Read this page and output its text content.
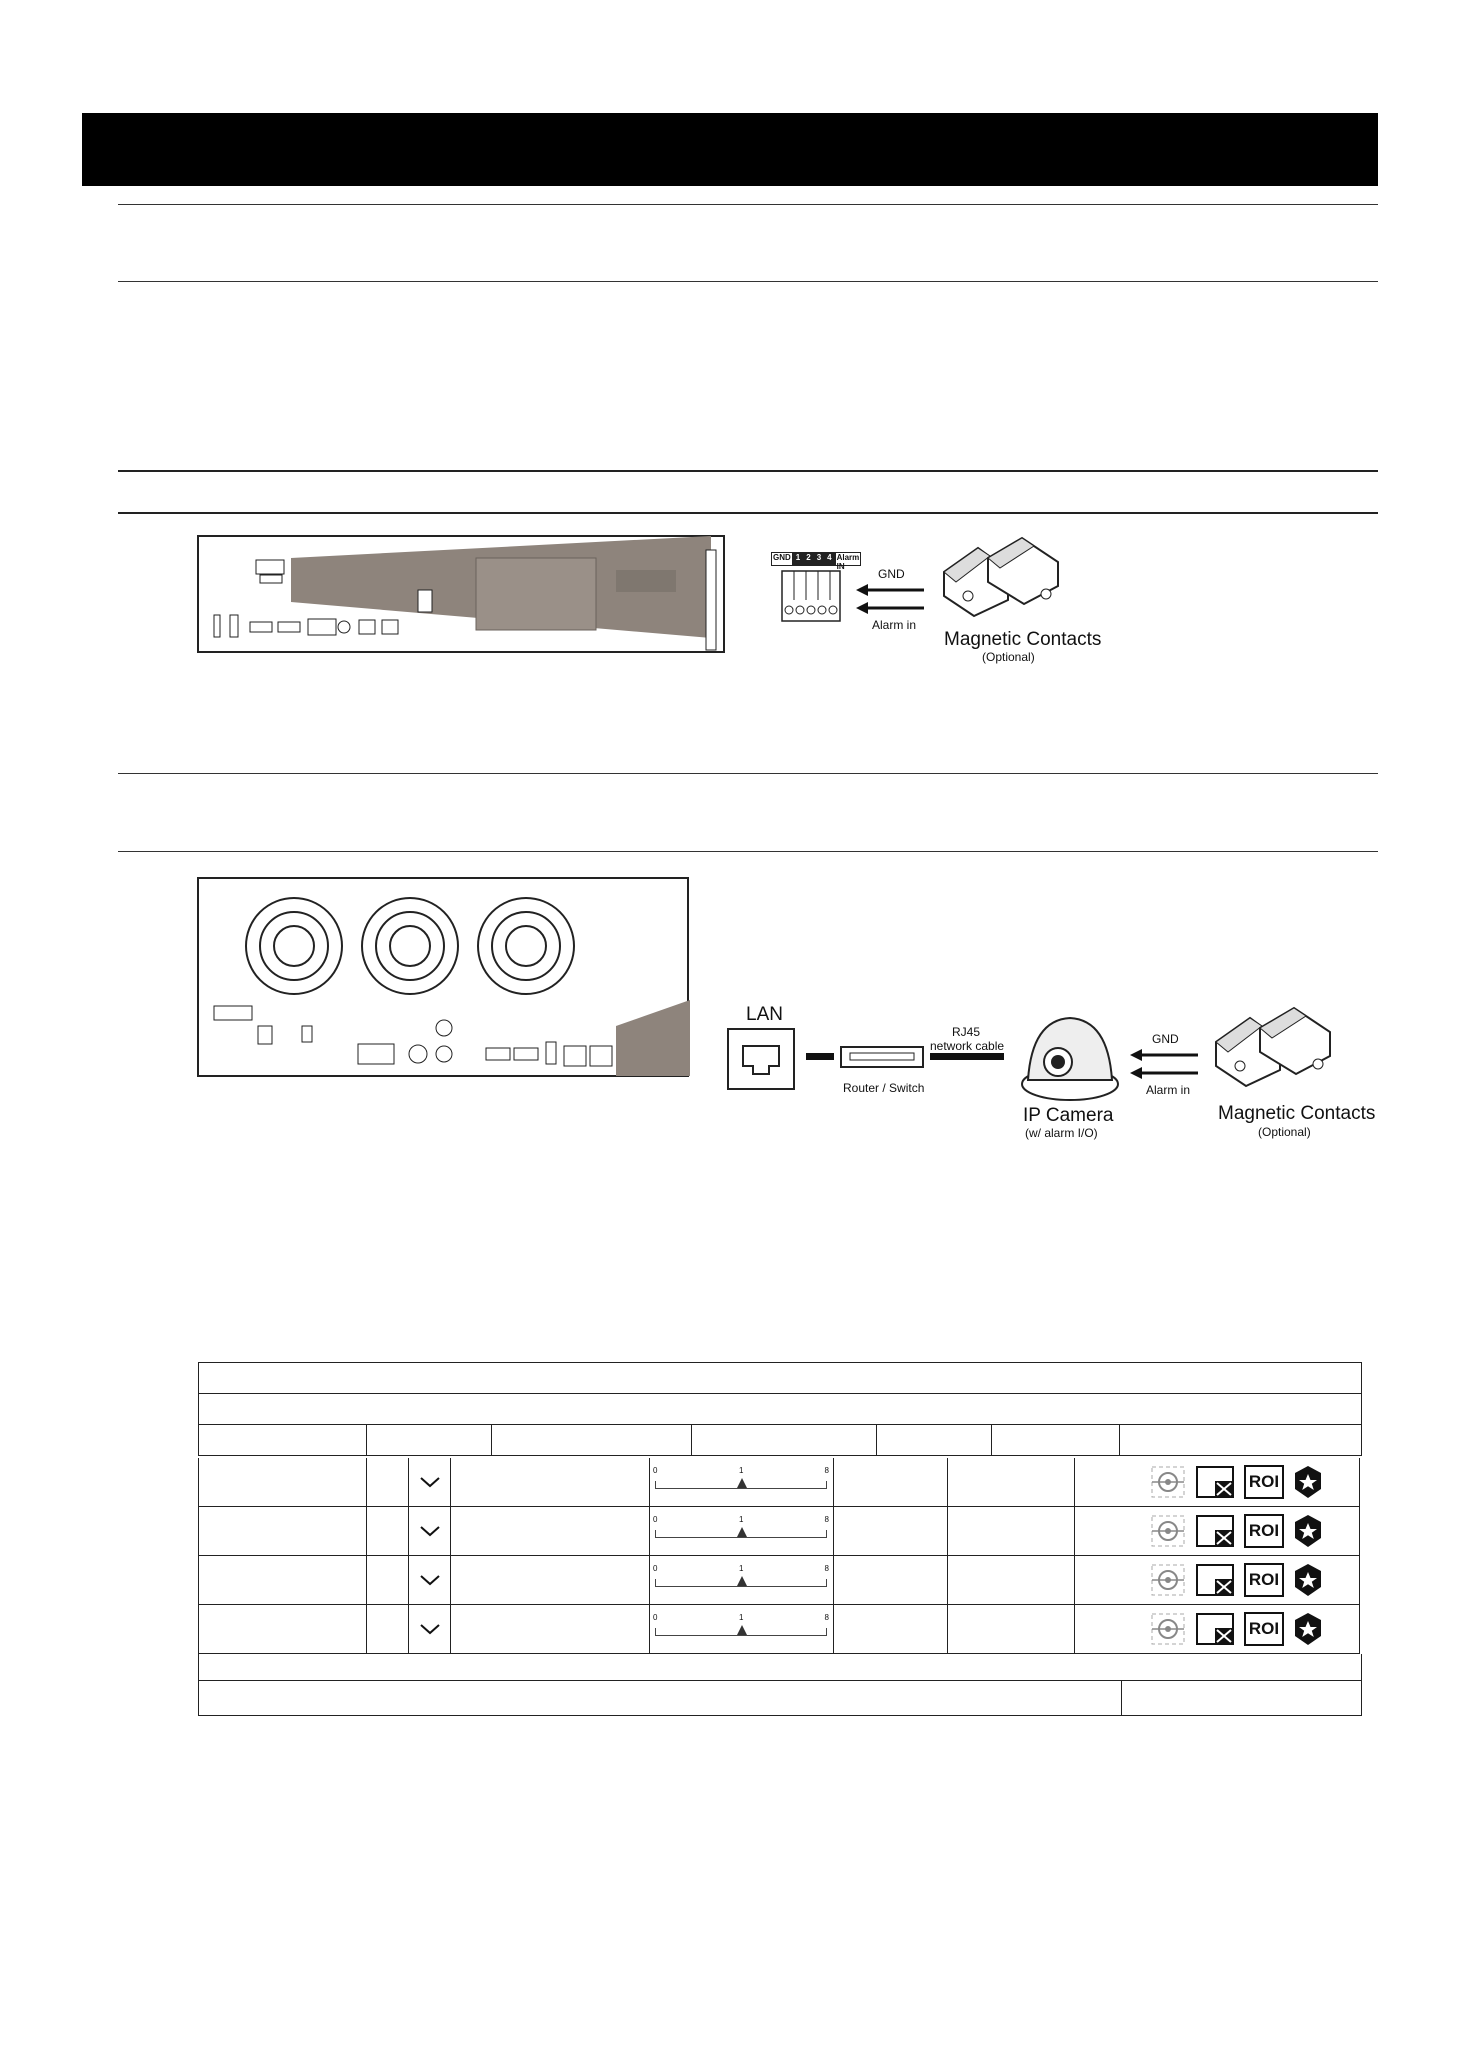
GND 1 2 3 4 Alarm IN
GND
Alarm in
Magnetic Contacts
(Optional)
LAN
Router / Switch
RJ45
network cable
IP Camera
(w/ alarm I/O)
GND
Alarm in
Magnetic Contacts
(Optional)

0	1	8
ROI
0	1	8
ROI
0	1	8
ROI
0	1	8
ROI
